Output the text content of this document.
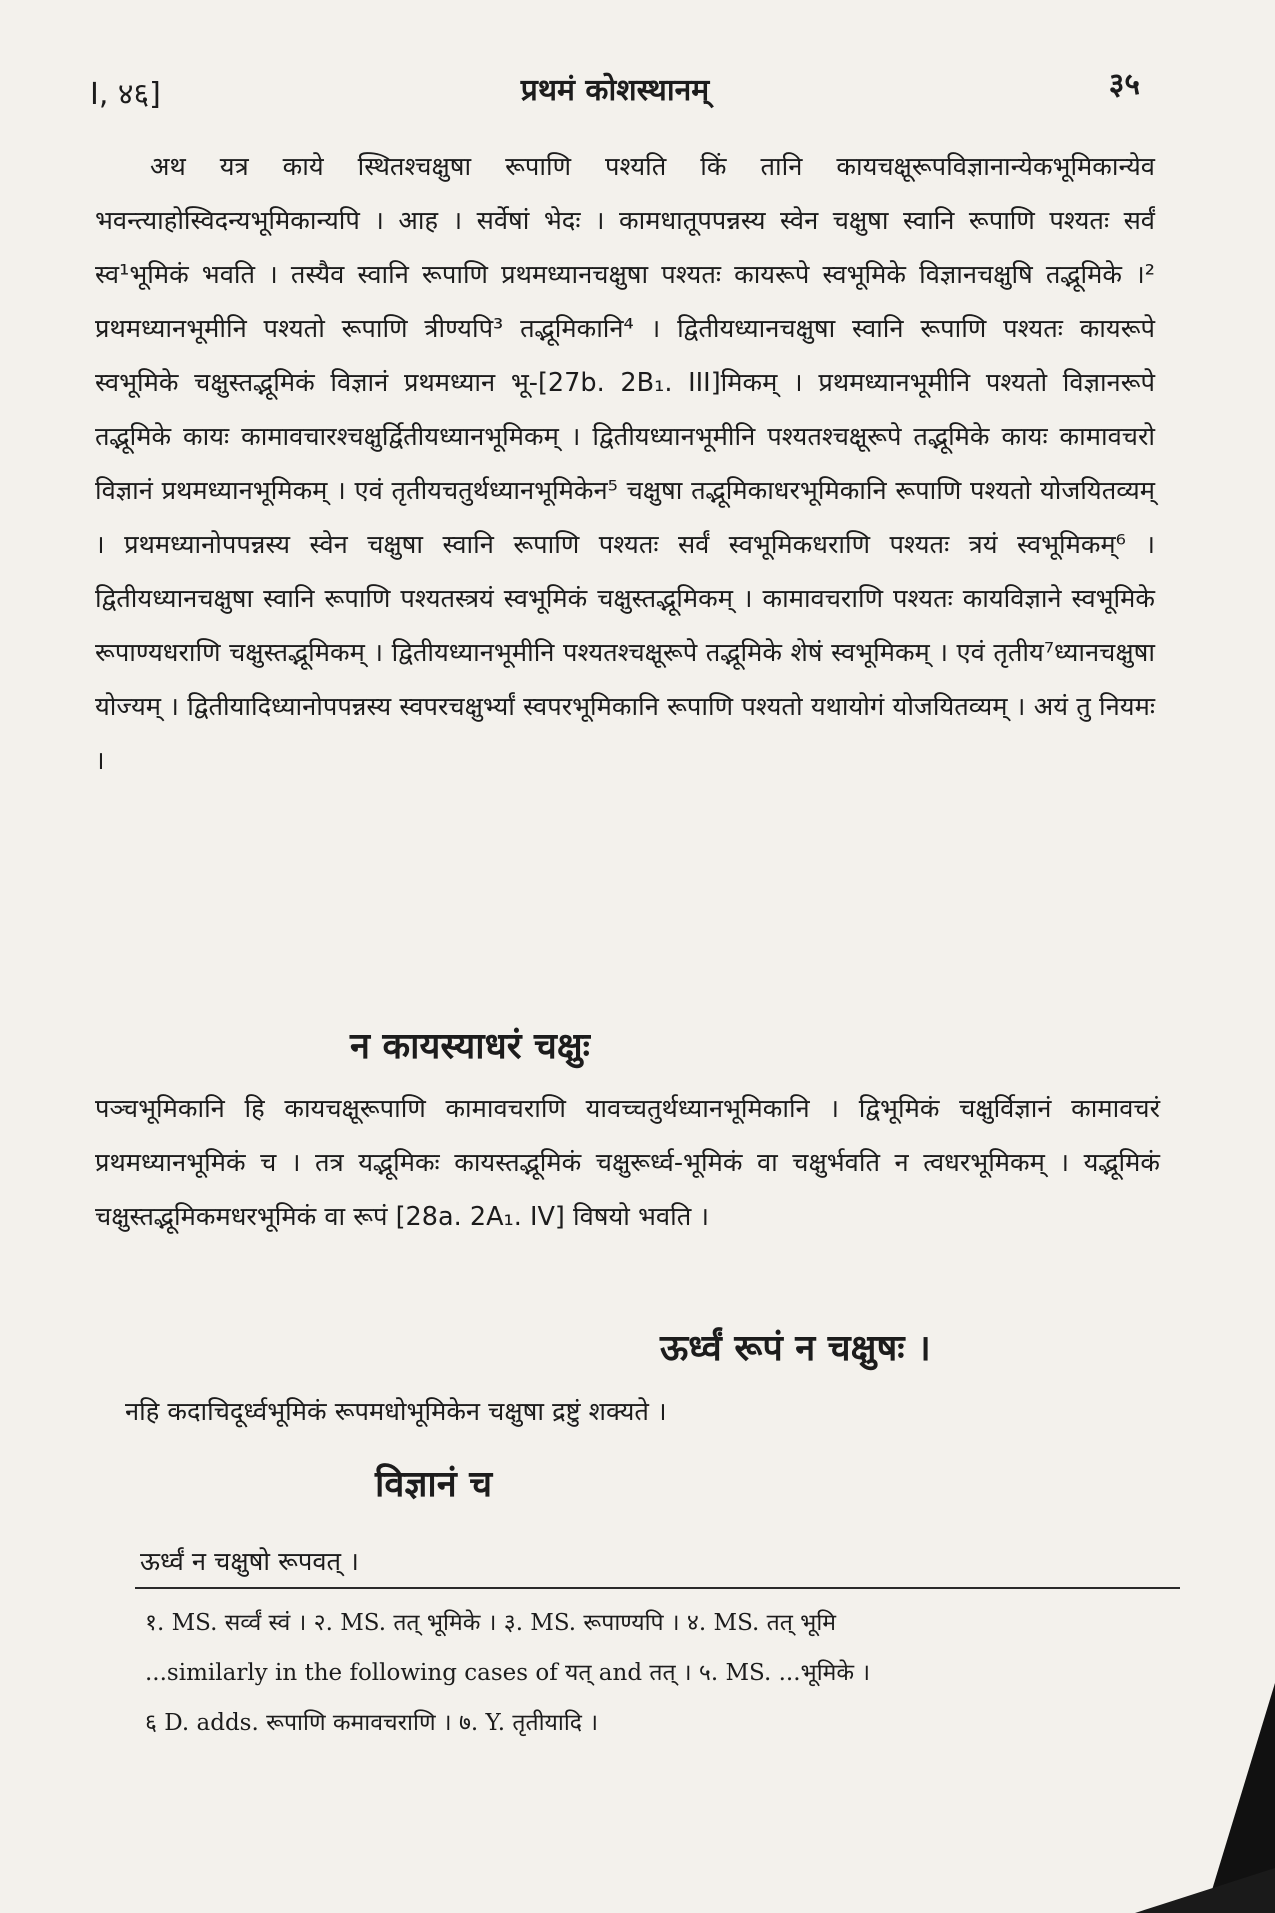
I, ४६]	प्रथमं कोशस्थानम्	३५

अथ यत्र काये स्थितश्चक्षुषा रूपाणि पश्यति किं तानि कायचक्षूरूपविज्ञानान्येकभूमिकान्येव भवन्त्याहोस्विदन्यभूमिकान्यपि । आह । सर्वेषां भेदः । कामधातूपपन्नस्य स्वेन चक्षुषा स्वानि रूपाणि पश्यतः सर्वं स्व¹भूमिकं भवति । तस्यैव स्वानि रूपाणि प्रथमध्यानचक्षुषा पश्यतः कायरूपे स्वभूमिके विज्ञानचक्षुषि तद्भूमिके ।² प्रथमध्यानभूमीनि पश्यतो रूपाणि त्रीण्यपि³ तद्भूमिकानि⁴ । द्वितीयध्यानचक्षुषा स्वानि रूपाणि पश्यतः कायरूपे स्वभूमिके चक्षुस्तद्भूमिकं विज्ञानं प्रथमध्यान भू-[27b. 2B₁. III]मिकम् । प्रथमध्यानभूमीनि पश्यतो विज्ञानरूपे तद्भूमिके कायः कामावचारश्चक्षुर्द्वितीयध्यानभूमिकम् । द्वितीयध्यानभूमीनि पश्यतश्चक्षूरूपे तद्भूमिके कायः कामावचरो विज्ञानं प्रथमध्यानभूमिकम् । एवं तृतीयचतुर्थध्यानभूमिकेन⁵ चक्षुषा तद्भूमिकाधरभूमिकानि रूपाणि पश्यतो योजयितव्यम् । प्रथमध्यानोपपन्नस्य स्वेन चक्षुषा स्वानि रूपाणि पश्यतः सर्वं स्वभूमिकधराणि पश्यतः त्रयं स्वभूमिकम्⁶ । द्वितीयध्यानचक्षुषा स्वानि रूपाणि पश्यतस्त्रयं स्वभूमिकं चक्षुस्तद्भूमिकम् । कामावचराणि पश्यतः कायविज्ञाने स्वभूमिके रूपाण्यधराणि चक्षुस्तद्भूमिकम् । द्वितीयध्यानभूमीनि पश्यतश्चक्षूरूपे तद्भूमिके शेषं स्वभूमिकम् । एवं तृतीय⁷ध्यानचक्षुषा योज्यम् । द्वितीयादिध्यानोपपन्नस्य स्वपरचक्षुर्भ्यां स्वपरभूमिकानि रूपाणि पश्यतो यथायोगं योजयितव्यम् । अयं तु नियमः ।

न कायस्याधरं चक्षुः
पञ्चभूमिकानि हि कायचक्षूरूपाणि कामावचराणि यावच्चतुर्थध्यानभूमिकानि । द्विभूमिकं चक्षुर्विज्ञानं कामावचरं प्रथमध्यानभूमिकं च । तत्र यद्भूमिकः कायस्तद्भूमिकं चक्षुरूर्ध्व-भूमिकं वा चक्षुर्भवति न त्वधरभूमिकम् । यद्भूमिकं चक्षुस्तद्भूमिकमधरभूमिकं वा रूपं [28a. 2A₁. IV] विषयो भवति ।
ऊर्ध्वं रूपं न चक्षुषः ।
नहि कदाचिदूर्ध्वभूमिकं रूपमधोभूमिकेन चक्षुषा द्रष्टुं शक्यते ।
विज्ञानं च
ऊर्ध्वं न चक्षुषो रूपवत् ।
१. MS. सर्व्वं स्वं । २. MS. तत् भूमिके । ३. MS. रूपाण्यपि । ४. MS. तत् भूमि
...similarly in the following cases of यत् and तत् । ५. MS. ...भूमिके ।
६ D. adds. रूपाणि कमावचराणि । ७. Y. तृतीयादि ।
